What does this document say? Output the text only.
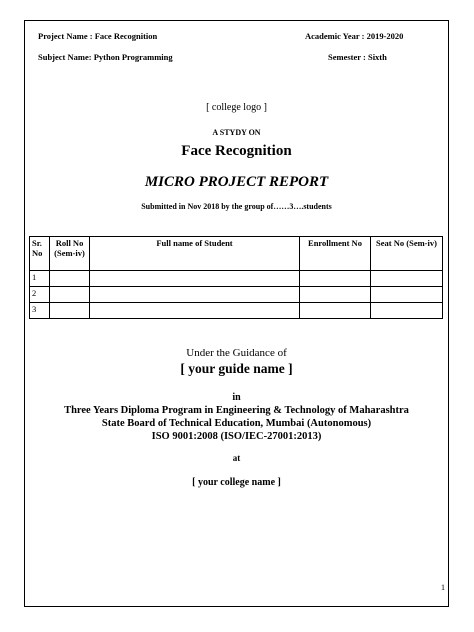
Project Name : Face Recognition	Academic Year : 2019-2020
Subject Name: Python Programming	Semester : Sixth
[ college logo ]
A STYDY ON
Face Recognition
MICRO PROJECT REPORT
Submitted in Nov 2018 by the group of……3….students
Sr. No	Roll No (Sem-iv)	Full name of Student	Enrollment No	Seat No (Sem-iv)
1				
2				
3				
Under the Guidance of
[ your guide name ]
in
Three Years Diploma Program in Engineering & Technology of Maharashtra
State Board of Technical Education, Mumbai (Autonomous)
ISO 9001:2008 (ISO/IEC-27001:2013)
at
[ your college name ]
1
